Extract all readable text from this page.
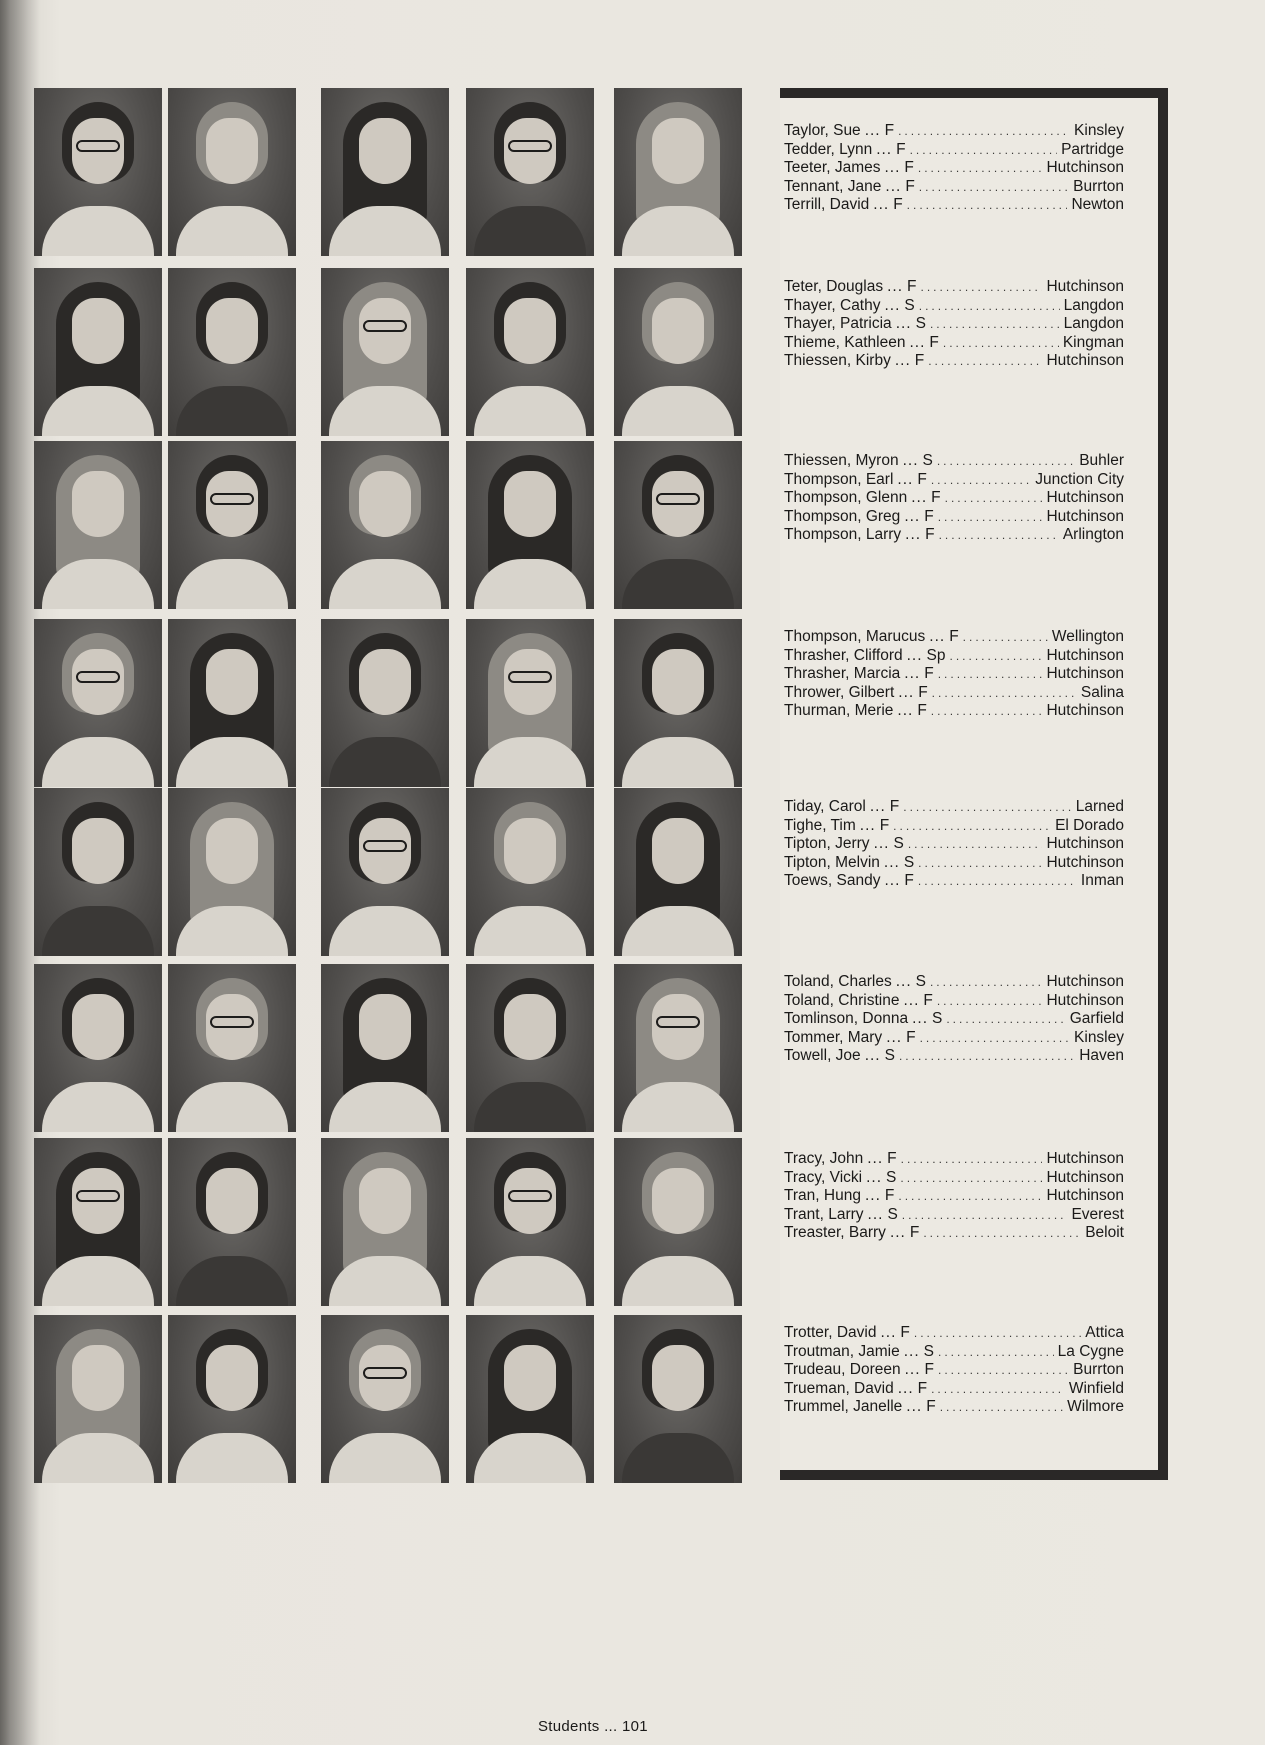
Taylor, Sue ... F .....	Kinsley
Tedder, Lynn ... F .....	Partridge
Teeter, James ... F .....	Hutchinson
Tennant, Jane ... F .....	Burrton
Terrill, David ... F .....	Newton
Teter, Douglas ... F .....	Hutchinson
Thayer, Cathy ... S .....	Langdon
Thayer, Patricia ... S .....	Langdon
Thieme, Kathleen ... F .....	Kingman
Thiessen, Kirby ... F .....	Hutchinson
Thiessen, Myron ... S .....	Buhler
Thompson, Earl ... F .....	Junction City
Thompson, Glenn ... F .....	Hutchinson
Thompson, Greg ... F .....	Hutchinson
Thompson, Larry ... F .....	Arlington
Thompson, Marucus ... F .....	Wellington
Thrasher, Clifford ... Sp .....	Hutchinson
Thrasher, Marcia ... F .....	Hutchinson
Thrower, Gilbert ... F .....	Salina
Thurman, Merie ... F .....	Hutchinson
Tiday, Carol ... F .....	Larned
Tighe, Tim ... F .....	El Dorado
Tipton, Jerry ... S .....	Hutchinson
Tipton, Melvin ... S .....	Hutchinson
Toews, Sandy ... F .....	Inman
Toland, Charles ... S .....	Hutchinson
Toland, Christine ... F .....	Hutchinson
Tomlinson, Donna ... S .....	Garfield
Tommer, Mary ... F .....	Kinsley
Towell, Joe ... S .....	Haven
Tracy, John ... F .....	Hutchinson
Tracy, Vicki ... S .....	Hutchinson
Tran, Hung ... F .....	Hutchinson
Trant, Larry ... S .....	Everest
Treaster, Barry ... F .....	Beloit
Trotter, David ... F .....	Attica
Troutman, Jamie ... S .....	La Cygne
Trudeau, Doreen ... F .....	Burrton
Trueman, David ... F .....	Winfield
Trummel, Janelle ... F .....	Wilmore
Students ... 101
